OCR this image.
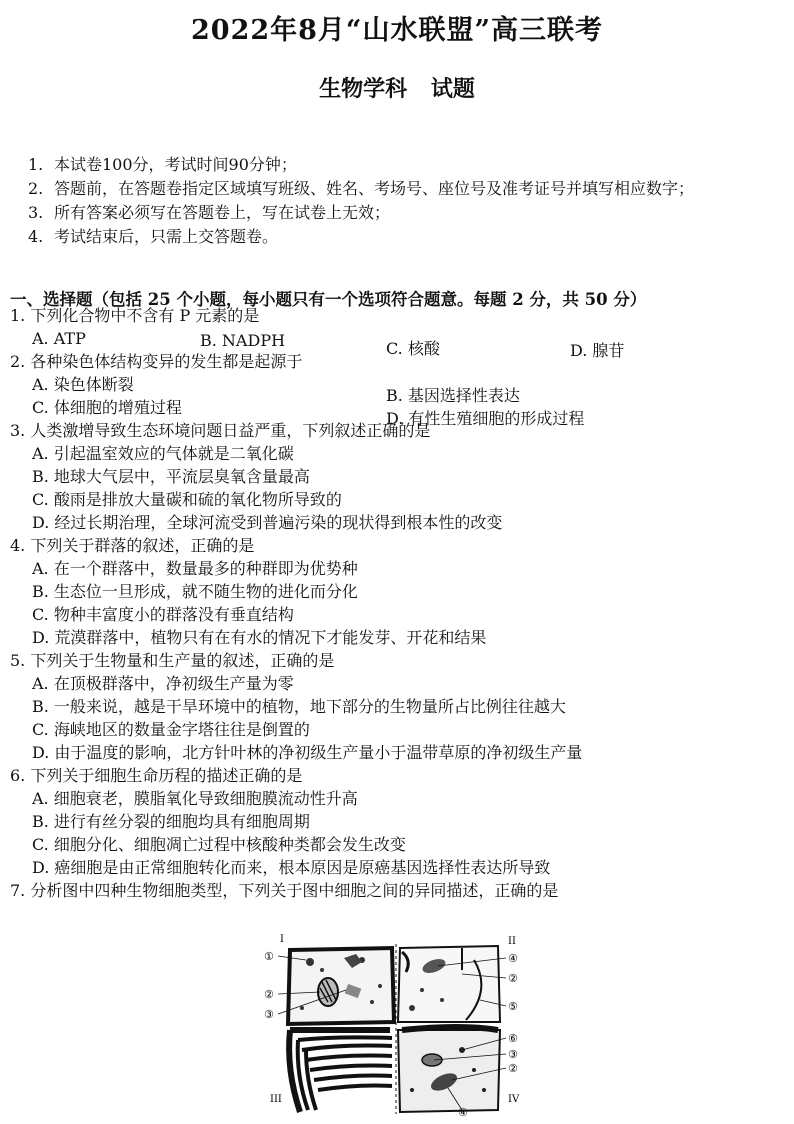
2022年8月“山水联盟”高三联考
生物学科 试题
1. 本试卷100分，考试时间90分钟；
2. 答题前，在答题卷指定区域填写班级、姓名、考场号、座位号及准考证号并填写相应数字；
3. 所有答案必须写在答题卷上，写在试卷上无效；
4. 考试结束后，只需上交答题卷。
一、选择题（包括 25 个小题，每小题只有一个选项符合题意。每题 2 分，共 50 分）
1. 下列化合物中不含有 P 元素的是
A. ATP	B. NADPH	C. 核酸	D. 腺苷
2. 各种染色体结构变异的发生都是起源于
A. 染色体断裂
B. 基因选择性表达
C. 体细胞的增殖过程
D. 有性生殖细胞的形成过程
3. 人类激增导致生态环境问题日益严重，下列叙述正确的是
A. 引起温室效应的气体就是二氧化碳
B. 地球大气层中，平流层臭氧含量最高
C. 酸雨是排放大量碳和硫的氧化物所导致的
D. 经过长期治理，全球河流受到普遍污染的现状得到根本性的改变
4. 下列关于群落的叙述，正确的是
A. 在一个群落中，数量最多的种群即为优势种
B. 生态位一旦形成，就不随生物的进化而分化
C. 物种丰富度小的群落没有垂直结构
D. 荒漠群落中，植物只有在有水的情况下才能发芽、开花和结果
5. 下列关于生物量和生产量的叙述，正确的是
A. 在顶极群落中，净初级生产量为零
B. 一般来说，越是干旱环境中的植物，地下部分的生物量所占比例往往越大
C. 海峡地区的数量金字塔往往是倒置的
D. 由于温度的影响，北方针叶林的净初级生产量小于温带草原的净初级生产量
6. 下列关于细胞生命历程的描述正确的是
A. 细胞衰老，膜脂氧化导致细胞膜流动性升高
B. 进行有丝分裂的细胞均具有细胞周期
C. 细胞分化、细胞凋亡过程中核酸种类都会发生改变
D. 癌细胞是由正常细胞转化而来，根本原因是原癌基因选择性表达所导致
7. 分析图中四种生物细胞类型，下列关于图中细胞之间的异同描述，正确的是
I	II
III	IV
①
②
③
④
②
⑤
⑥
③
②
④
